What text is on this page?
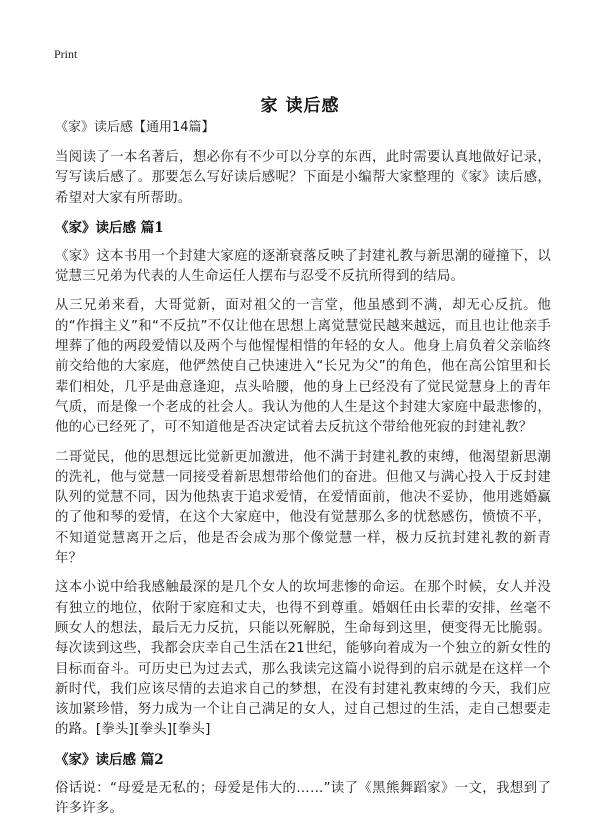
Print
家 读后感
《家》读后感【通用14篇】

当阅读了一本名著后，想必你有不少可以分享的东西，此时需要认真地做好记录，写写读后感了。那要怎么写好读后感呢？下面是小编帮大家整理的《家》读后感，希望对大家有所帮助。

《家》读后感 篇1

《家》这本书用一个封建大家庭的逐渐衰落反映了封建礼教与新思潮的碰撞下，以觉慧三兄弟为代表的人生命运任人摆布与忍受不反抗所得到的结局。

从三兄弟来看，大哥觉新，面对祖父的一言堂，他虽感到不满，却无心反抗。他的“作揖主义”和“不反抗”不仅让他在思想上离觉慧觉民越来越远，而且也让他亲手埋葬了他的两段爱情以及两个与他惺惺相惜的年轻的女人。他身上肩负着父亲临终前交给他的大家庭，他俨然使自己快速进入“长兄为父”的角色，他在高公馆里和长辈们相处，几乎是曲意逢迎，点头哈腰，他的身上已经没有了觉民觉慧身上的青年气质，而是像一个老成的社会人。我认为他的人生是这个封建大家庭中最悲惨的，他的心已经死了，可不知道他是否决定试着去反抗这个带给他死寂的封建礼教？

二哥觉民，他的思想远比觉新更加激进，他不满于封建礼教的束缚，他渴望新思潮的洗礼，他与觉慧一同接受着新思想带给他们的奋进。但他又与满心投入于反封建队列的觉慧不同，因为他热衷于追求爱情，在爱情面前，他决不妥协，他用逃婚赢的了他和琴的爱情，在这个大家庭中，他没有觉慧那么多的忧愁感伤，愤愤不平，不知道觉慧离开之后，他是否会成为那个像觉慧一样，极力反抗封建礼教的新青年？

这本小说中给我感触最深的是几个女人的坎坷悲惨的命运。在那个时候，女人并没有独立的地位，依附于家庭和丈夫，也得不到尊重。婚姻任由长辈的安排，丝毫不顾女人的想法，最后无力反抗，只能以死解脱，生命每到这里，便变得无比脆弱。每次读到这些，我都会庆幸自己生活在21世纪，能够向着成为一个独立的新女性的目标而奋斗。可历史已为过去式，那么我读完这篇小说得到的启示就是在这样一个新时代，我们应该尽情的去追求自己的梦想，在没有封建礼教束缚的今天，我们应该加紧珍惜，努力成为一个让自己满足的女人，过自己想过的生活，走自己想要走的路。[拳头][拳头][拳头]

《家》读后感 篇2

俗话说：“母爱是无私的；母爱是伟大的……”读了《黑熊舞蹈家》一文，我想到了许多许多。
